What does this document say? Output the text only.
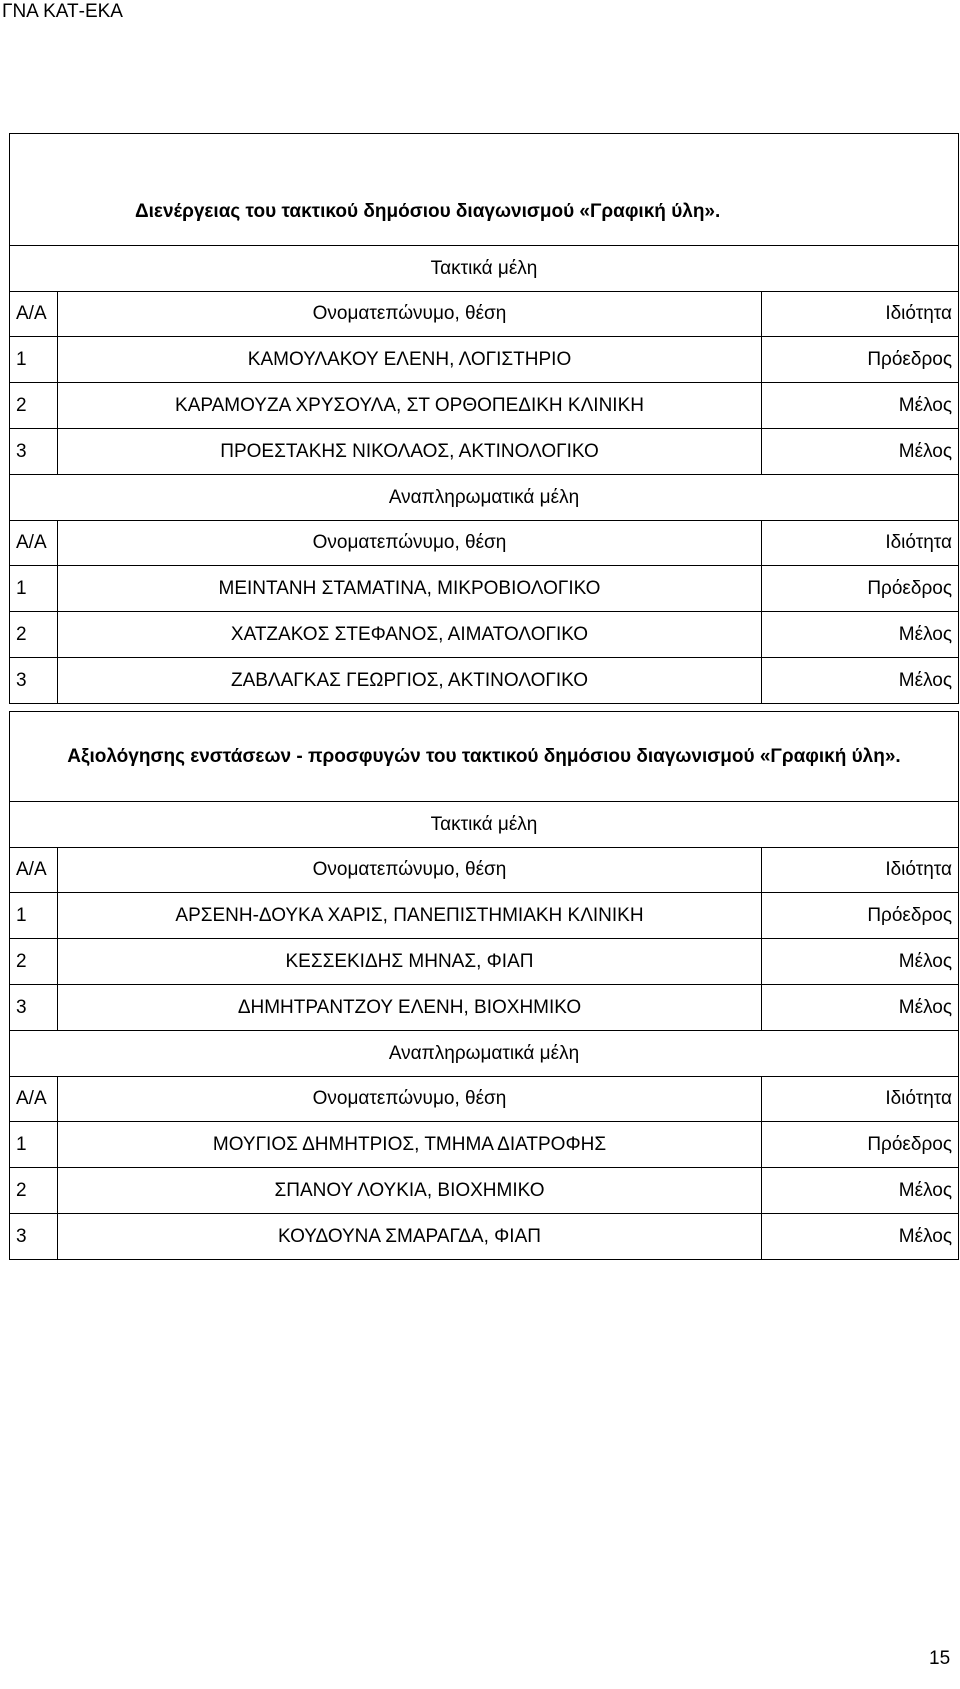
ΓΝΑ ΚΑΤ-ΕΚΑ
Διενέργειας του τακτικού δημόσιου διαγωνισμού «Γραφική ύλη».		
Τακτικά μέλη		
Α/Α	Ονοματεπώνυμο, θέση	Ιδιότητα
1	ΚΑΜΟΥΛΑΚΟΥ ΕΛΕΝΗ, ΛΟΓΙΣΤΗΡΙΟ	Πρόεδρος
2	ΚΑΡΑΜΟΥΖΑ ΧΡΥΣΟΥΛΑ, ΣΤ ΟΡΘΟΠΕΔΙΚΗ ΚΛΙΝΙΚΗ	Μέλος
3	ΠΡΟΕΣΤΑΚΗΣ ΝΙΚΟΛΑΟΣ, ΑΚΤΙΝΟΛΟΓΙΚΟ	Μέλος
Αναπληρωματικά μέλη		
Α/Α	Ονοματεπώνυμο, θέση	Ιδιότητα
1	ΜΕΙΝΤΑΝΗ ΣΤΑΜΑΤΙΝΑ, ΜΙΚΡΟΒΙΟΛΟΓΙΚΟ	Πρόεδρος
2	ΧΑΤΖΑΚΟΣ ΣΤΕΦΑΝΟΣ, ΑΙΜΑΤΟΛΟΓΙΚΟ	Μέλος
3	ΖΑΒΛΑΓΚΑΣ ΓΕΩΡΓΙΟΣ, ΑΚΤΙΝΟΛΟΓΙΚΟ	Μέλος
Αξιολόγησης ενστάσεων - προσφυγών του τακτικού δημόσιου διαγωνισμού «Γραφική ύλη».		
Τακτικά μέλη		
Α/Α	Ονοματεπώνυμο, θέση	Ιδιότητα
1	ΑΡΣΕΝΗ-ΔΟΥΚΑ ΧΑΡΙΣ, ΠΑΝΕΠΙΣΤΗΜΙΑΚΗ ΚΛΙΝΙΚΗ	Πρόεδρος
2	ΚΕΣΣΕΚΙΔΗΣ ΜΗΝΑΣ, ΦΙΑΠ	Μέλος
3	ΔΗΜΗΤΡΑΝΤΖΟΥ ΕΛΕΝΗ, ΒΙΟΧΗΜΙΚΟ	Μέλος
Αναπληρωματικά μέλη		
Α/Α	Ονοματεπώνυμο, θέση	Ιδιότητα
1	ΜΟΥΓΙΟΣ ΔΗΜΗΤΡΙΟΣ, ΤΜΗΜΑ ΔΙΑΤΡΟΦΗΣ	Πρόεδρος
2	ΣΠΑΝΟΥ ΛΟΥΚΙΑ, ΒΙΟΧΗΜΙΚΟ	Μέλος
3	ΚΟΥΔΟΥΝΑ ΣΜΑΡΑΓΔΑ, ΦΙΑΠ	Μέλος
15
